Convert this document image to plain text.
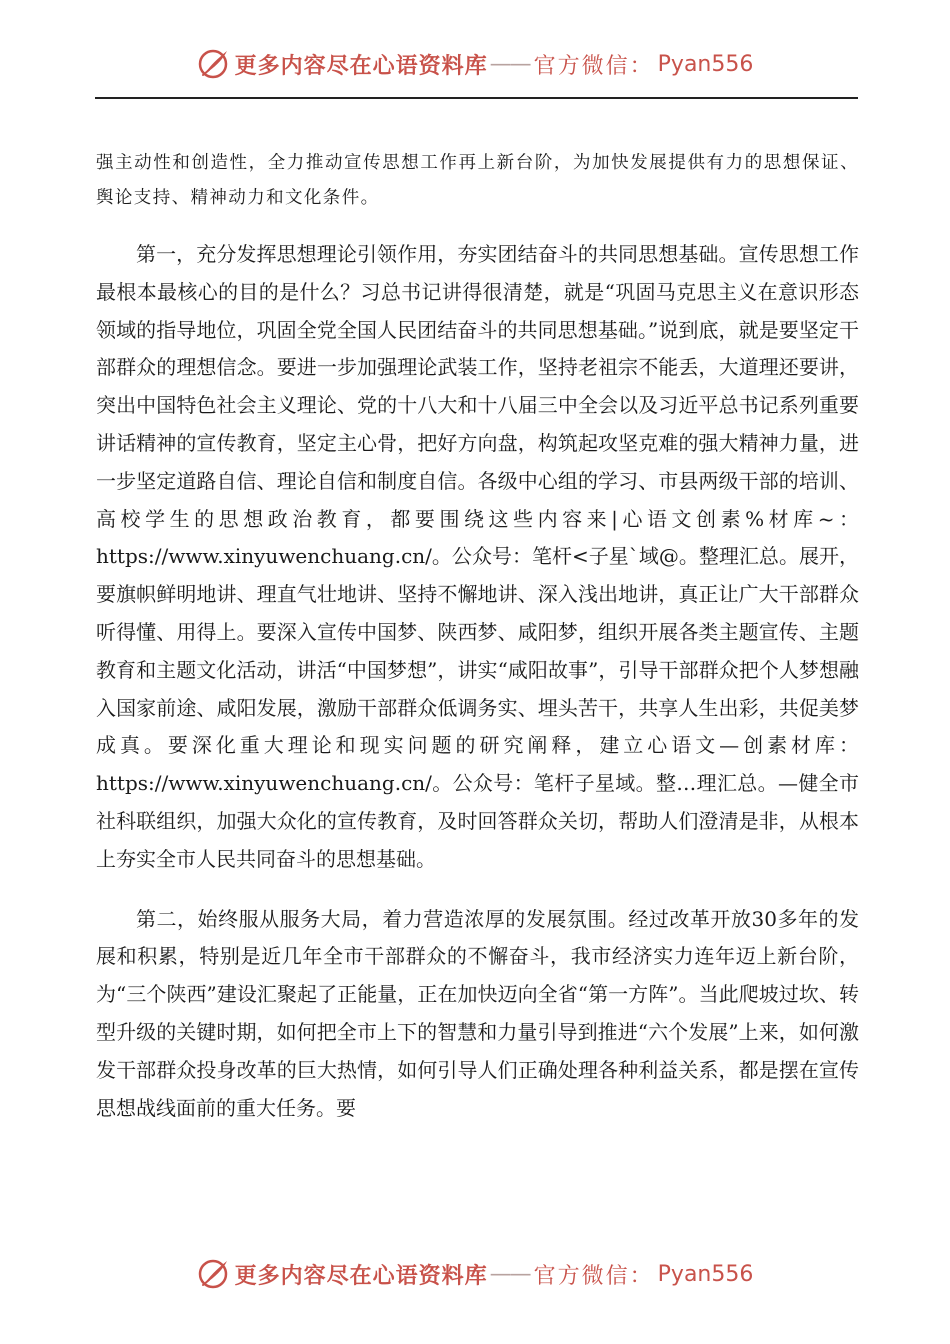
更多内容尽在心语资料库 —— 官方微信： Pyan556

强主动性和创造性，全力推动宣传思想工作再上新台阶，为加快发展提供有力的思想保证、舆论支持、精神动力和文化条件。

第一，充分发挥思想理论引领作用，夯实团结奋斗的共同思想基础。宣传思想工作最根本最核心的目的是什么？习总书记讲得很清楚，就是“巩固马克思主义在意识形态领域的指导地位，巩固全党全国人民团结奋斗的共同思想基础。”说到底，就是要坚定干部群众的理想信念。要进一步加强理论武装工作，坚持老祖宗不能丢，大道理还要讲，突出中国特色社会主义理论、党的十八大和十八届三中全会以及习近平总书记系列重要讲话精神的宣传教育，坚定主心骨，把好方向盘，构筑起攻坚克难的强大精神力量，进一步坚定道路自信、理论自信和制度自信。各级中心组的学习、市县两级干部的培训、高校学生的思想政治教育，都要围绕这些内容来|心语文创素%材库~：https://www.xinyuwenchuang.cn/。公众号：笔杆<子星`域@。整理汇总。展开，要旗帜鲜明地讲、理直气壮地讲、坚持不懈地讲、深入浅出地讲，真正让广大干部群众听得懂、用得上。要深入宣传中国梦、陕西梦、咸阳梦，组织开展各类主题宣传、主题教育和主题文化活动，讲活“中国梦想”，讲实“咸阳故事”，引导干部群众把个人梦想融入国家前途、咸阳发展，激励干部群众低调务实、埋头苦干，共享人生出彩，共促美梦成真。要深化重大理论和现实问题的研究阐释，建立心语文—创素材库：https://www.xinyuwenchuang.cn/。公众号：笔杆子星域。整…理汇总。—健全市社科联组织，加强大众化的宣传教育，及时回答群众关切，帮助人们澄清是非，从根本上夯实全市人民共同奋斗的思想基础。

第二，始终服从服务大局，着力营造浓厚的发展氛围。经过改革开放30多年的发展和积累，特别是近几年全市干部群众的不懈奋斗，我市经济实力连年迈上新台阶，为“三个陕西”建设汇聚起了正能量，正在加快迈向全省“第一方阵”。当此爬坡过坎、转型升级的关键时期，如何把全市上下的智慧和力量引导到推进“六个发展”上来，如何激发干部群众投身改革的巨大热情，如何引导人们正确处理各种利益关系，都是摆在宣传思想战线面前的重大任务。要

更多内容尽在心语资料库 —— 官方微信： Pyan556
